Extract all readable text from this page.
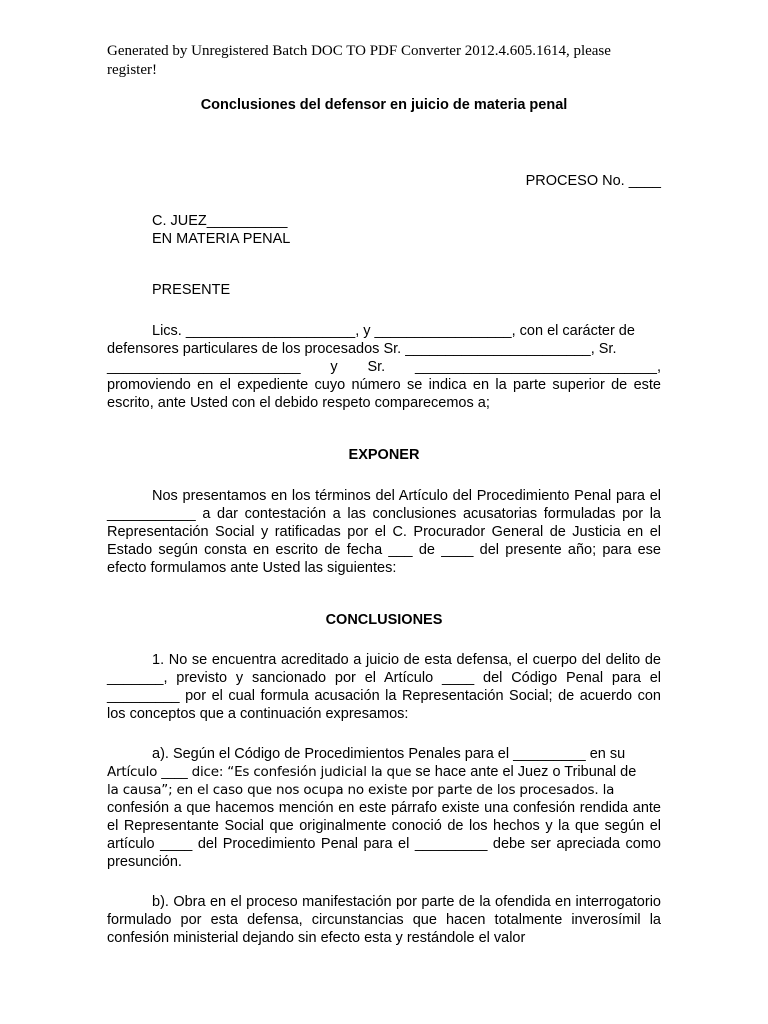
Generated by Unregistered Batch DOC TO PDF Converter 2012.4.605.1614, please register!

Conclusiones del defensor en juicio de materia penal

PROCESO No. ____

C. JUEZ__________

EN MATERIA PENAL

PRESENTE

Lics. _____________________, y _________________, con el carácter de

defensores particulares de los procesados Sr. _______________________, Sr.

________________________ y Sr. ______________________________,

promoviendo en el expediente cuyo número se indica en la parte superior de este escrito, ante Usted con el debido respeto comparecemos a;

EXPONER

Nos presentamos en los términos del Artículo del Procedimiento Penal para el ___________ a dar contestación a las conclusiones acusatorias formuladas por la Representación Social y ratificadas por el C. Procurador General de Justicia en el Estado según consta en escrito de fecha ___ de ____ del presente año; para ese efecto formulamos ante Usted las siguientes:

CONCLUSIONES

1. No se encuentra acreditado a juicio de esta defensa, el cuerpo del delito de _______, previsto y sancionado por el Artículo ____ del Código Penal para el _________ por el cual formula acusación la Representación Social; de acuerdo con los conceptos que a continuación expresamos:

a). Según el Código de Procedimientos Penales para el _________ en su

Artículo ____ dice: “Es confesión judicial la que se hace ante el Juez o Tribunal de

la causa”; en el caso que nos ocupa no existe por parte de los procesados. la

confesión a que hacemos mención en este párrafo existe una confesión rendida ante el Representante Social que originalmente conoció de los hechos y la que según el artículo ____ del Procedimiento Penal para el _________ debe ser apreciada como presunción.

b). Obra en el proceso manifestación por parte de la ofendida en interrogatorio formulado por esta defensa, circunstancias que hacen totalmente inverosímil la confesión ministerial dejando sin efecto esta y restándole el valor
